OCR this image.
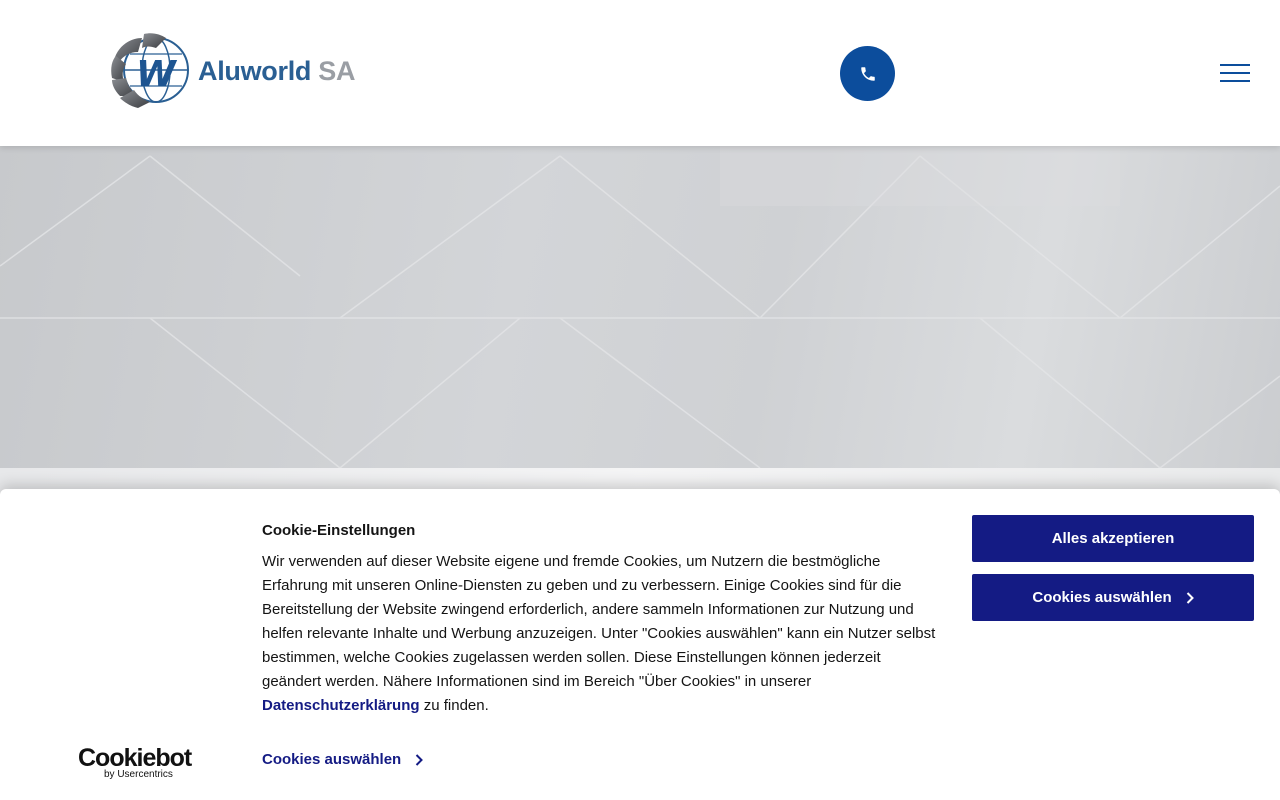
W Aluworld SA
Cookie-Einstellungen
Wir verwenden auf dieser Website eigene und fremde Cookies, um Nutzern die bestmögliche Erfahrung mit unseren Online-Diensten zu geben und zu verbessern. Einige Cookies sind für die Bereitstellung der Website zwingend erforderlich, andere sammeln Informationen zur Nutzung und helfen relevante Inhalte und Werbung anzuzeigen. Unter "Cookies auswählen" kann ein Nutzer selbst bestimmen, welche Cookies zugelassen werden sollen. Diese Einstellungen können jederzeit geändert werden. Nähere Informationen sind im Bereich "Über Cookies" in unserer Datenschutzerklärung zu finden.
Cookies auswählen
Alles akzeptieren
Cookies auswählen
Cookiebot
by Usercentrics
